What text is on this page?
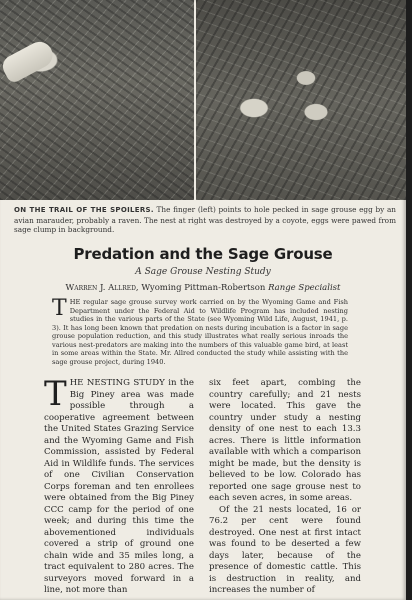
ON THE TRAIL OF THE SPOILERS. The finger (left) points to hole pecked in sage grouse egg by an avian marauder, probably a raven. The nest at right was destroyed by a coyote, eggs were pawed from sage clump in background.
Predation and the Sage Grouse
A Sage Grouse Nesting Study
Warren J. Allred, Wyoming Pittman-Robertson Range Specialist
THE regular sage grouse survey work carried on by the Wyoming Game and Fish Department under the Federal Aid to Wildlife Program has included nesting studies in the various parts of the State (see Wyoming Wild Life, August, 1941, p. 3). It has long been known that predation on nests during incubation is a factor in sage grouse population reduction, and this study illustrates what really serious inroads the various nest-predators are making into the numbers of this valuable game bird, at least in some areas within the State. Mr. Allred conducted the study while assisting with the sage grouse project, during 1940.

THE NESTING STUDY in the Big Piney area was made possible through a cooperative agreement between the United States Grazing Service and the Wyoming Game and Fish Commission, assisted by Federal Aid in Wildlife funds. The services of one Civilian Conservation Corps foreman and ten enrollees were obtained from the Big Piney CCC camp for the period of one week; and during this time the abovementioned individuals covered a strip of ground one chain wide and 35 miles long, a tract equivalent to 280 acres. The surveyors moved forward in a line, not more than

six feet apart, combing the country carefully; and 21 nests were located. This gave the country under study a nesting density of one nest to each 13.3 acres. There is little information available with which a comparison might be made, but the density is believed to be low. Colorado has reported one sage grouse nest to each seven acres, in some areas.

Of the 21 nests located, 16 or 76.2 per cent were found destroyed. One nest at first intact was found to be deserted a few days later, because of the presence of domestic cattle. This is destruction in reality, and increases the number of
